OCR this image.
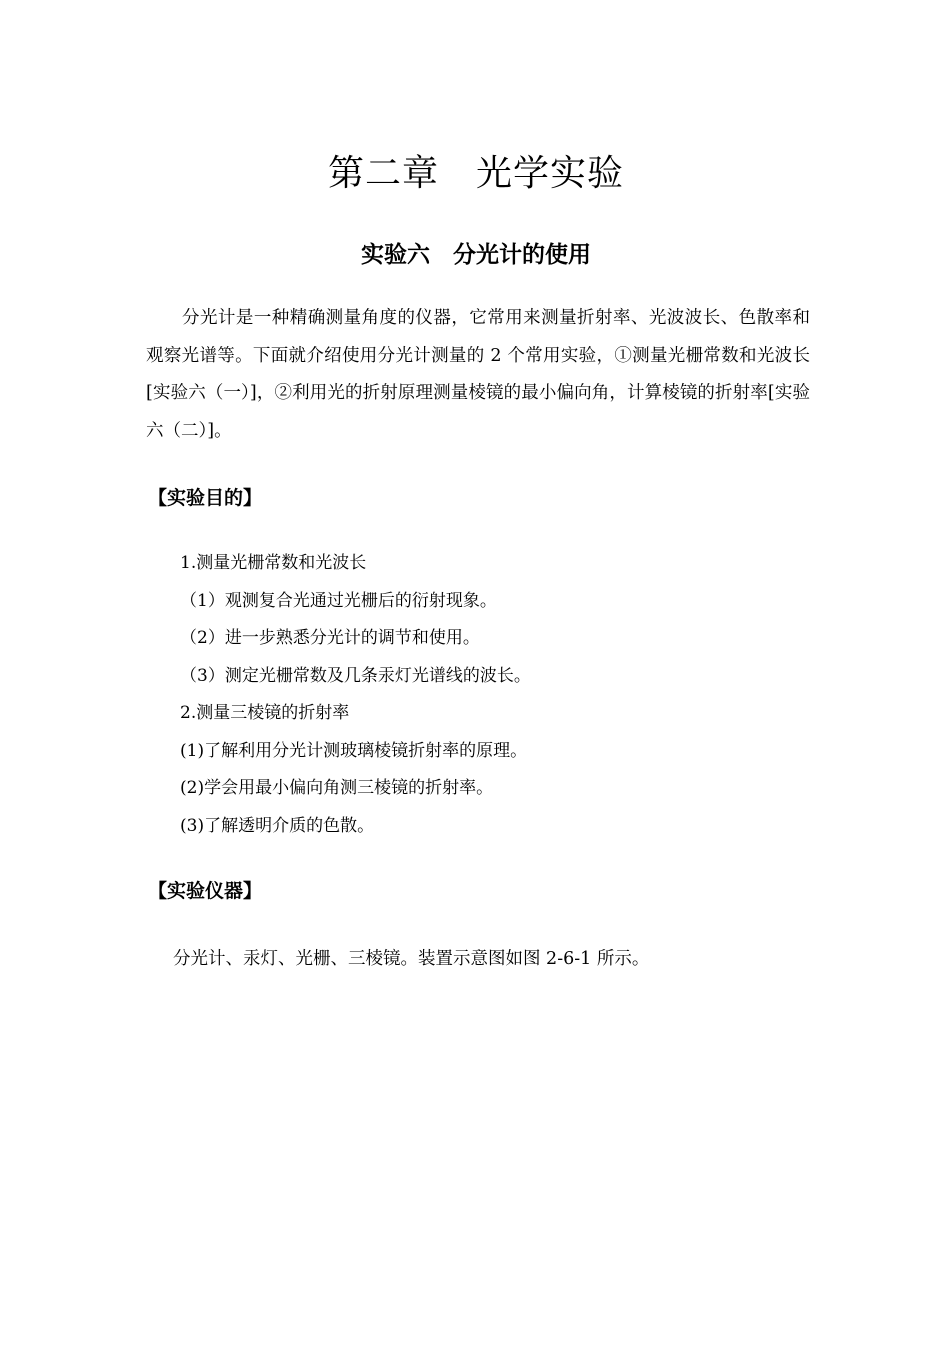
第二章　光学实验
实验六　分光计的使用

分光计是一种精确测量角度的仪器，它常用来测量折射率、光波波长、色散率和观察光谱等。下面就介绍使用分光计测量的 2 个常用实验，①测量光栅常数和光波长[实验六（一）]，②利用光的折射原理测量棱镜的最小偏向角，计算棱镜的折射率[实验六（二）]。

【实验目的】
1.测量光栅常数和光波长
（1）观测复合光通过光栅后的衍射现象。
（2）进一步熟悉分光计的调节和使用。
（3）测定光栅常数及几条汞灯光谱线的波长。
2.测量三棱镜的折射率
(1)了解利用分光计测玻璃棱镜折射率的原理。
(2)学会用最小偏向角测三棱镜的折射率。
(3)了解透明介质的色散。
【实验仪器】

分光计、汞灯、光栅、三棱镜。装置示意图如图 2-6-1 所示。
